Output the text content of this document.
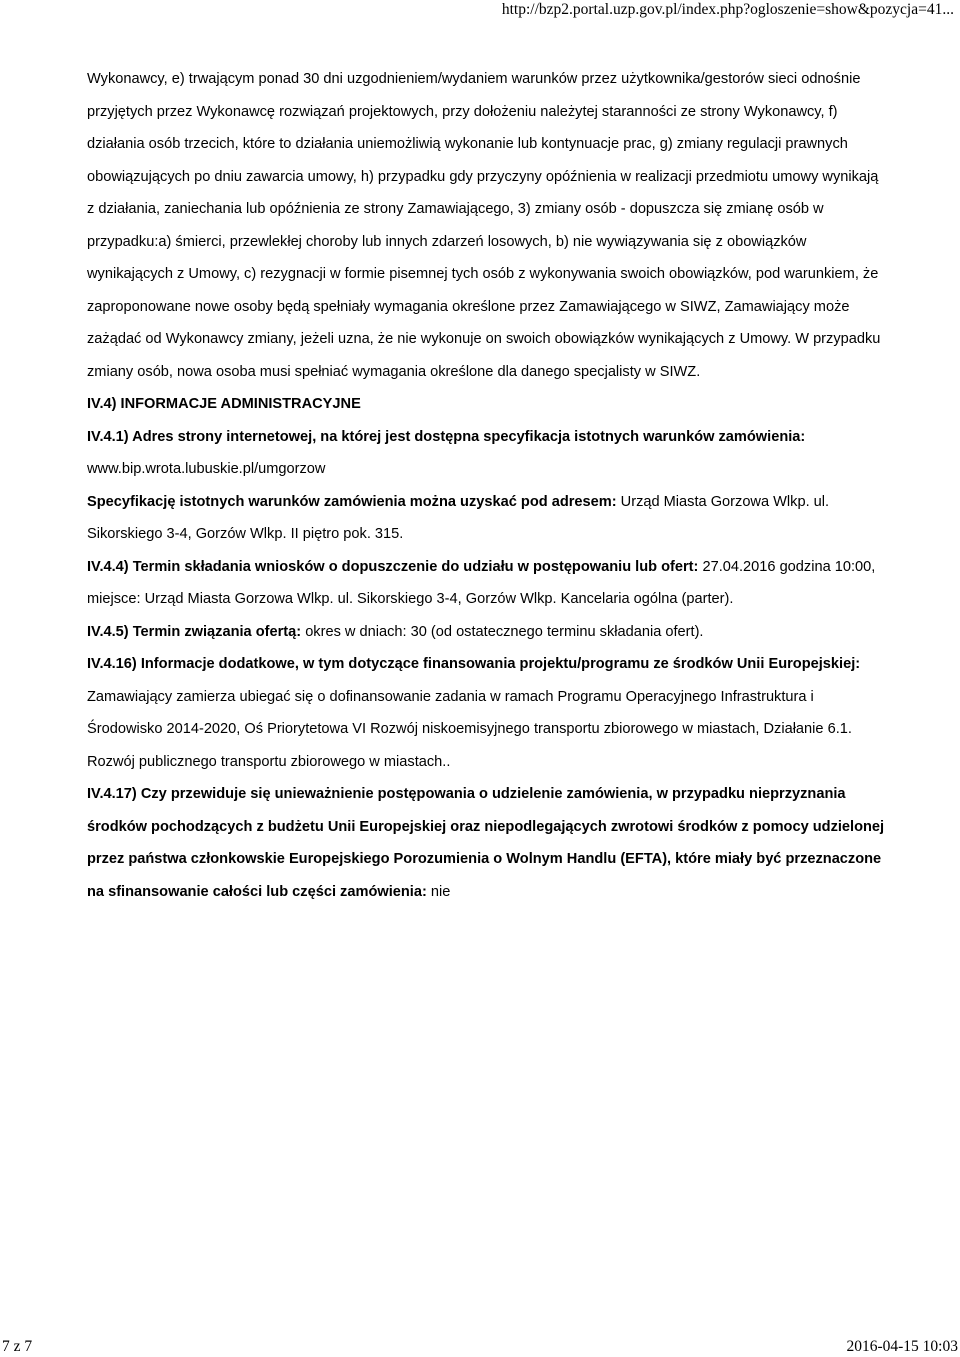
http://bzp2.portal.uzp.gov.pl/index.php?ogloszenie=show&pozycja=41...

Wykonawcy, e) trwającym ponad 30 dni uzgodnieniem/wydaniem warunków przez użytkownika/gestorów sieci odnośnie przyjętych przez Wykonawcę rozwiązań projektowych, przy dołożeniu należytej staranności ze strony Wykonawcy, f) działania osób trzecich, które to działania uniemożliwią wykonanie lub kontynuacje prac, g) zmiany regulacji prawnych obowiązujących po dniu zawarcia umowy, h) przypadku gdy przyczyny opóźnienia w realizacji przedmiotu umowy wynikają z działania, zaniechania lub opóźnienia ze strony Zamawiającego, 3) zmiany osób - dopuszcza się zmianę osób w przypadku:a) śmierci, przewlekłej choroby lub innych zdarzeń losowych, b) nie wywiązywania się z obowiązków wynikających z Umowy, c) rezygnacji w formie pisemnej tych osób z wykonywania swoich obowiązków, pod warunkiem, że zaproponowane nowe osoby będą spełniały wymagania określone przez Zamawiającego w SIWZ, Zamawiający może zażądać od Wykonawcy zmiany, jeżeli uzna, że nie wykonuje on swoich obowiązków wynikających z Umowy. W przypadku zmiany osób, nowa osoba musi spełniać wymagania określone dla danego specjalisty w SIWZ.

IV.4) INFORMACJE ADMINISTRACYJNE

IV.4.1) Adres strony internetowej, na której jest dostępna specyfikacja istotnych warunków zamówienia:

www.bip.wrota.lubuskie.pl/umgorzow

Specyfikację istotnych warunków zamówienia można uzyskać pod adresem: Urząd Miasta Gorzowa Wlkp. ul. Sikorskiego 3-4, Gorzów Wlkp. II piętro pok. 315.

IV.4.4) Termin składania wniosków o dopuszczenie do udziału w postępowaniu lub ofert: 27.04.2016 godzina 10:00, miejsce: Urząd Miasta Gorzowa Wlkp. ul. Sikorskiego 3-4, Gorzów Wlkp. Kancelaria ogólna (parter).

IV.4.5) Termin związania ofertą: okres w dniach: 30 (od ostatecznego terminu składania ofert).

IV.4.16) Informacje dodatkowe, w tym dotyczące finansowania projektu/programu ze środków Unii Europejskiej: Zamawiający zamierza ubiegać się o dofinansowanie zadania w ramach Programu Operacyjnego Infrastruktura i Środowisko 2014-2020, Oś Priorytetowa VI Rozwój niskoemisyjnego transportu zbiorowego w miastach, Działanie 6.1. Rozwój publicznego transportu zbiorowego w miastach..

IV.4.17) Czy przewiduje się unieważnienie postępowania o udzielenie zamówienia, w przypadku nieprzyznania środków pochodzących z budżetu Unii Europejskiej oraz niepodlegających zwrotowi środków z pomocy udzielonej przez państwa członkowskie Europejskiego Porozumienia o Wolnym Handlu (EFTA), które miały być przeznaczone na sfinansowanie całości lub części zamówienia: nie

7 z 7	2016-04-15 10:03
